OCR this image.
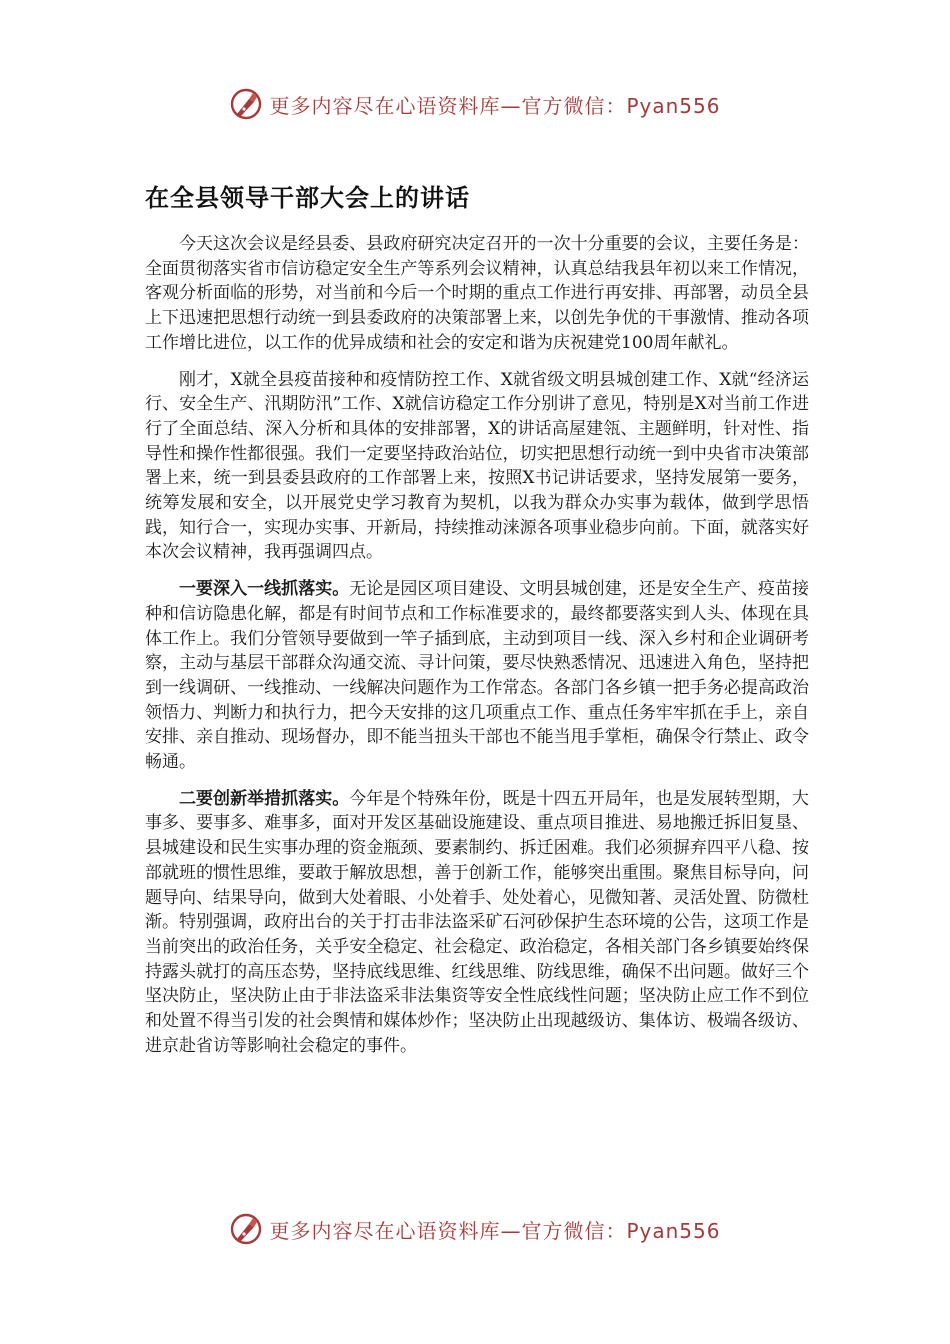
更多内容尽在心语资料库—官方微信：Pyan556
在全县领导干部大会上的讲话

今天这次会议是经县委、县政府研究决定召开的一次十分重要的会议，主要任务是：全面贯彻落实省市信访稳定安全生产等系列会议精神，认真总结我县年初以来工作情况，客观分析面临的形势，对当前和今后一个时期的重点工作进行再安排、再部署，动员全县上下迅速把思想行动统一到县委政府的决策部署上来，以创先争优的干事激情、推动各项工作增比进位，以工作的优异成绩和社会的安定和谐为庆祝建党100周年献礼。

刚才，X就全县疫苗接种和疫情防控工作、X就省级文明县城创建工作、X就“经济运行、安全生产、汛期防汛”工作、X就信访稳定工作分别讲了意见，特别是X对当前工作进行了全面总结、深入分析和具体的安排部署，X的讲话高屋建瓴、主题鲜明，针对性、指导性和操作性都很强。我们一定要坚持政治站位，切实把思想行动统一到中央省市决策部署上来，统一到县委县政府的工作部署上来，按照X书记讲话要求，坚持发展第一要务，统筹发展和安全，以开展党史学习教育为契机，以我为群众办实事为载体，做到学思悟践，知行合一，实现办实事、开新局，持续推动涞源各项事业稳步向前。下面，就落实好本次会议精神，我再强调四点。

一要深入一线抓落实。无论是园区项目建设、文明县城创建，还是安全生产、疫苗接种和信访隐患化解，都是有时间节点和工作标准要求的，最终都要落实到人头、体现在具体工作上。我们分管领导要做到一竿子插到底，主动到项目一线、深入乡村和企业调研考察，主动与基层干部群众沟通交流、寻计问策，要尽快熟悉情况、迅速进入角色，坚持把到一线调研、一线推动、一线解决问题作为工作常态。各部门各乡镇一把手务必提高政治领悟力、判断力和执行力，把今天安排的这几项重点工作、重点任务牢牢抓在手上，亲自安排、亲自推动、现场督办，即不能当扭头干部也不能当甩手掌柜，确保令行禁止、政令畅通。

二要创新举措抓落实。今年是个特殊年份，既是十四五开局年，也是发展转型期，大事多、要事多、难事多，面对开发区基础设施建设、重点项目推进、易地搬迁拆旧复垦、县城建设和民生实事办理的资金瓶颈、要素制约、拆迁困难。我们必须摒弃四平八稳、按部就班的惯性思维，要敢于解放思想，善于创新工作，能够突出重围。聚焦目标导向，问题导向、结果导向，做到大处着眼、小处着手、处处着心，见微知著、灵活处置、防微杜渐。特别强调，政府出台的关于打击非法盗采矿石河砂保护生态环境的公告，这项工作是当前突出的政治任务，关乎安全稳定、社会稳定、政治稳定，各相关部门各乡镇要始终保持露头就打的高压态势，坚持底线思维、红线思维、防线思维，确保不出问题。做好三个坚决防止，坚决防止由于非法盗采非法集资等安全性底线性问题；坚决防止应工作不到位和处置不得当引发的社会舆情和媒体炒作；坚决防止出现越级访、集体访、极端各级访、进京赴省访等影响社会稳定的事件。

更多内容尽在心语资料库—官方微信：Pyan556
